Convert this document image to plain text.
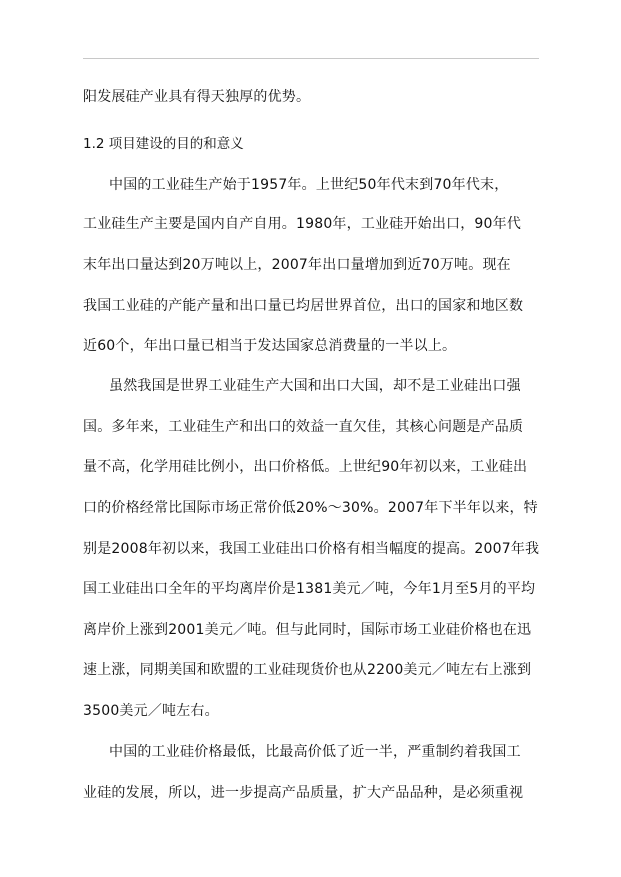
阳发展硅产业具有得天独厚的优势。
1.2 项目建设的目的和意义
中国的工业硅生产始于1957年。上世纪50年代末到70年代末，
工业硅生产主要是国内自产自用。1980年，工业硅开始出口，90年代
末年出口量达到20万吨以上，2007年出口量增加到近70万吨。现在
我国工业硅的产能产量和出口量已均居世界首位，出口的国家和地区数
近60个，年出口量已相当于发达国家总消费量的一半以上。
虽然我国是世界工业硅生产大国和出口大国，却不是工业硅出口强
国。多年来，工业硅生产和出口的效益一直欠佳，其核心问题是产品质
量不高，化学用硅比例小，出口价格低。上世纪90年初以来，工业硅出
口的价格经常比国际市场正常价低20%～30%。2007年下半年以来，特
别是2008年初以来，我国工业硅出口价格有相当幅度的提高。2007年我
国工业硅出口全年的平均离岸价是1381美元／吨，今年1月至5月的平均
离岸价上涨到2001美元／吨。但与此同时，国际市场工业硅价格也在迅
速上涨，同期美国和欧盟的工业硅现货价也从2200美元／吨左右上涨到
3500美元／吨左右。
中国的工业硅价格最低，比最高价低了近一半，严重制约着我国工
业硅的发展，所以，进一步提高产品质量，扩大产品品种，是必须重视
